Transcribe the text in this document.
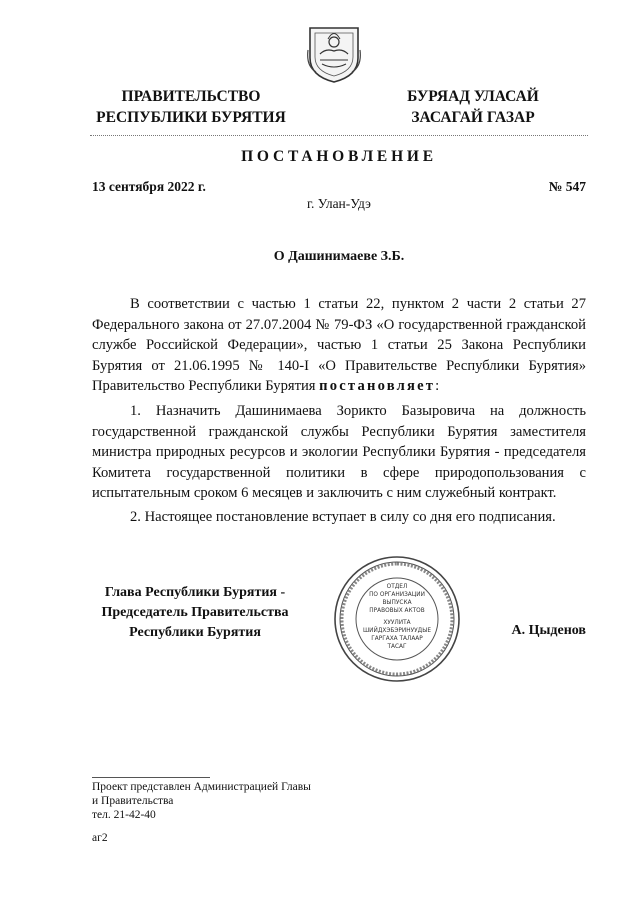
ПРАВИТЕЛЬСТВО
РЕСПУБЛИКИ БУРЯТИЯ
БУРЯАД УЛАСАЙ
ЗАСАГАЙ ГАЗАР
ПОСТАНОВЛЕНИЕ
13 сентября 2022 г.	№ 547
г. Улан-Удэ
О Дашинимаеве З.Б.
В соответствии с частью 1 статьи 22, пунктом 2 части 2 статьи 27 Федерального закона от 27.07.2004 № 79-ФЗ «О государственной гражданской службе Российской Федерации», частью 1 статьи 25 Закона Республики Бурятия от 21.06.1995 № 140-I «О Правительстве Республики Бурятия» Правительство Республики Бурятия постановляет:
1. Назначить Дашинимаева Зорикто Базыровича на должность государственной гражданской службы Республики Бурятия заместителя министра природных ресурсов и экологии Республики Бурятия - председателя Комитета государственной политики в сфере природопользования с испытательным сроком 6 месяцев и заключить с ним служебный контракт.
2. Настоящее постановление вступает в силу со дня его подписания.
Глава Республики Бурятия -
Председатель Правительства
Республики Бурятия
ОТДЕЛ
ПО ОРГАНИЗАЦИИ
ВЫПУСКА
ПРАВОВЫХ АКТОВ
ХУУЛИТА
ШИЙДХЭБЭРИНУУДЫЕ
ГАРГАХА ТАЛААР
ТАСАГ
А. Цыденов
Проект представлен Администрацией Главы
и Правительства
тел. 21-42-40
аг2
